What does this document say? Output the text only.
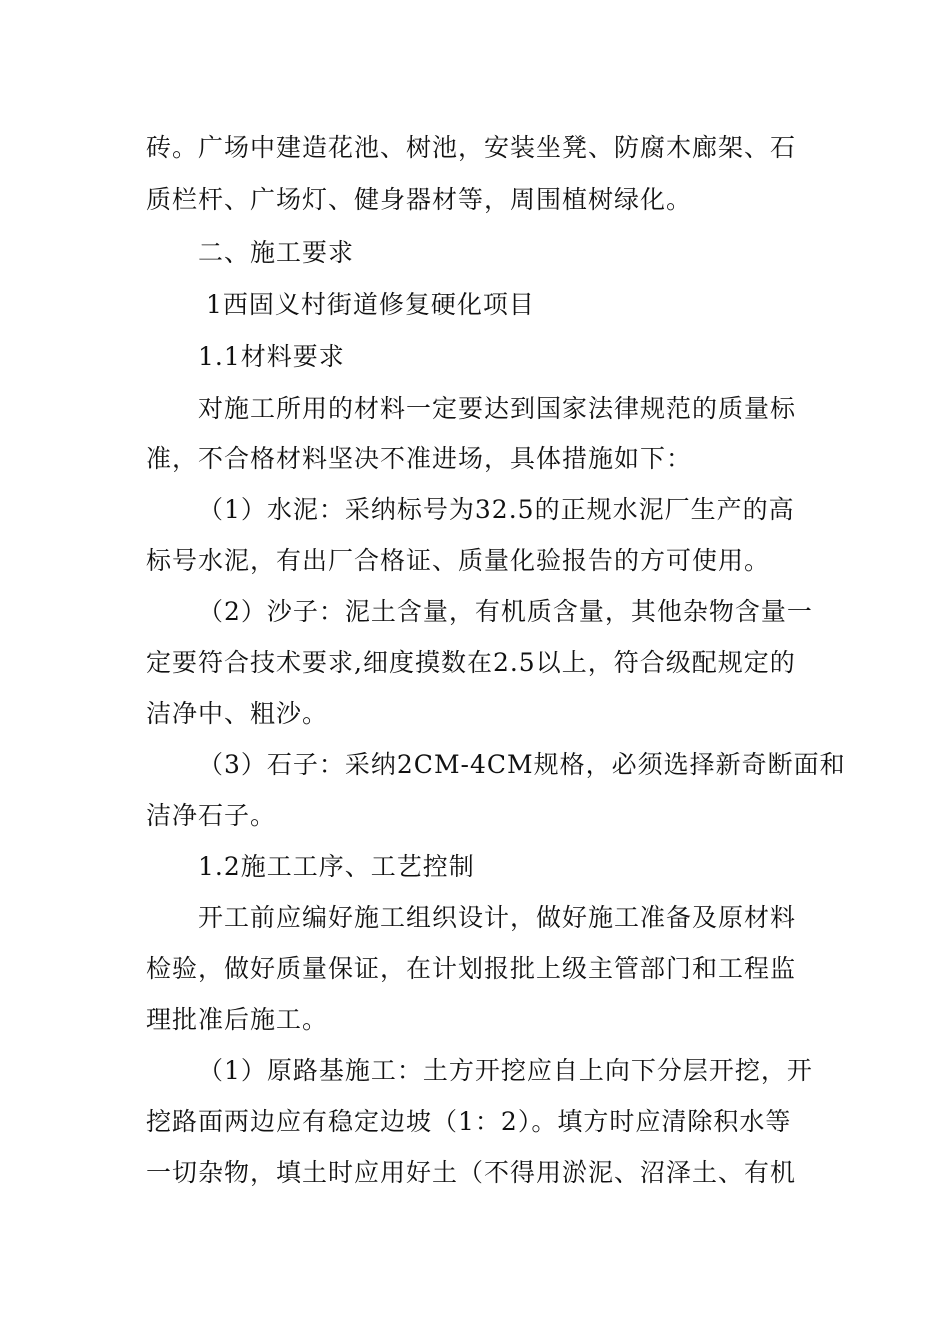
砖。广场中建造花池、树池，安装坐凳、防腐木廊架、石
质栏杆、广场灯、健身器材等，周围植树绿化。
二、施工要求
1西固义村街道修复硬化项目
1.1材料要求
对施工所用的材料一定要达到国家法律规范的质量标
准，不合格材料坚决不准进场，具体措施如下：
（1）水泥：采纳标号为32.5的正规水泥厂生产的高
标号水泥，有出厂合格证、质量化验报告的方可使用。
（2）沙子：泥土含量，有机质含量，其他杂物含量一
定要符合技术要求,细度摸数在2.5以上，符合级配规定的
洁净中、粗沙。
（3）石子：采纳2CM-4CM规格，必须选择新奇断面和
洁净石子。
1.2施工工序、工艺控制
开工前应编好施工组织设计，做好施工准备及原材料
检验，做好质量保证，在计划报批上级主管部门和工程监
理批准后施工。
（1）原路基施工：土方开挖应自上向下分层开挖，开
挖路面两边应有稳定边坡（1：2）。填方时应清除积水等
一切杂物，填土时应用好土（不得用淤泥、沼泽土、有机
